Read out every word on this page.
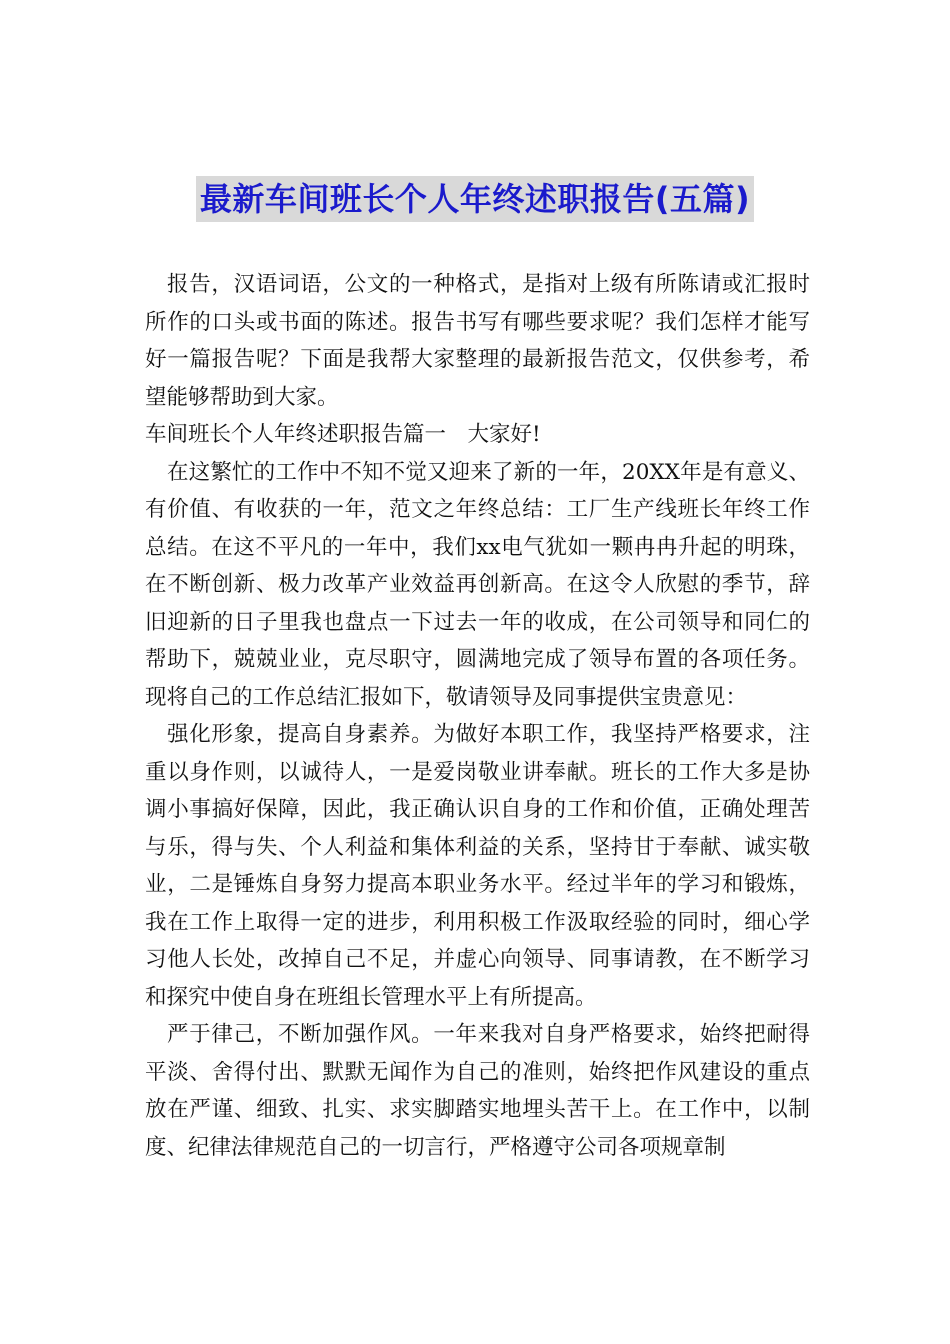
最新车间班长个人年终述职报告(五篇)

报告，汉语词语，公文的一种格式，是指对上级有所陈请或汇报时所作的口头或书面的陈述。报告书写有哪些要求呢？我们怎样才能写好一篇报告呢？下面是我帮大家整理的最新报告范文，仅供参考，希望能够帮助到大家。

车间班长个人年终述职报告篇一　大家好!

在这繁忙的工作中不知不觉又迎来了新的一年，20XX年是有意义、有价值、有收获的一年，范文之年终总结：工厂生产线班长年终工作总结。在这不平凡的一年中，我们xx电气犹如一颗冉冉升起的明珠，在不断创新、极力改革产业效益再创新高。在这令人欣慰的季节，辞旧迎新的日子里我也盘点一下过去一年的收成，在公司领导和同仁的帮助下，兢兢业业，克尽职守，圆满地完成了领导布置的各项任务。现将自己的工作总结汇报如下，敬请领导及同事提供宝贵意见：

强化形象，提高自身素养。为做好本职工作，我坚持严格要求，注重以身作则，以诚待人，一是爱岗敬业讲奉献。班长的工作大多是协调小事搞好保障，因此，我正确认识自身的工作和价值，正确处理苦与乐，得与失、个人利益和集体利益的关系，坚持甘于奉献、诚实敬业，二是锤炼自身努力提高本职业务水平。经过半年的学习和锻炼，我在工作上取得一定的进步，利用积极工作汲取经验的同时，细心学习他人长处，改掉自己不足，并虚心向领导、同事请教，在不断学习和探究中使自身在班组长管理水平上有所提高。

严于律己，不断加强作风。一年来我对自身严格要求，始终把耐得平淡、舍得付出、默默无闻作为自己的准则，始终把作风建设的重点放在严谨、细致、扎实、求实脚踏实地埋头苦干上。在工作中，以制度、纪律法律规范自己的一切言行，严格遵守公司各项规章制
